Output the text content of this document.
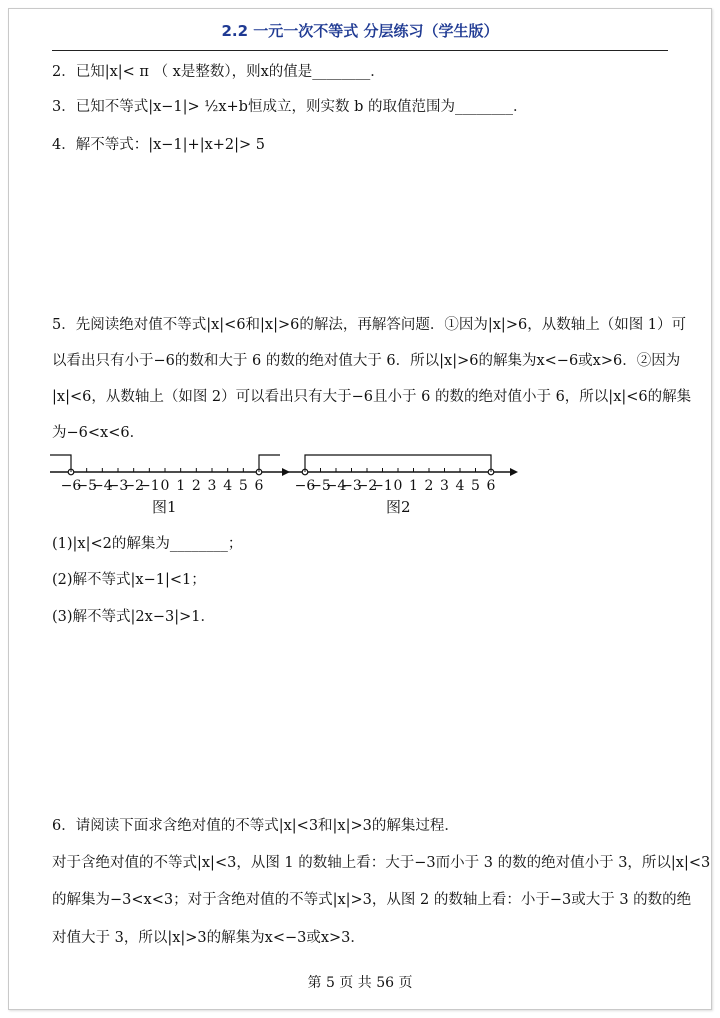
2.2 一元一次不等式 分层练习（学生版）
2．已知|x|< π （ x是整数），则x的值是________．
3．已知不等式|x−1|> ½x+b恒成立，则实数 b 的取值范围为________．
4．解不等式：|x−1|+|x+2|> 5
5．先阅读绝对值不等式|x|<6和|x|>6的解法，再解答问题．①因为|x|>6，从数轴上（如图 1）可
以看出只有小于−6的数和大于 6 的数的绝对值大于 6．所以|x|>6的解集为x<−6或x>6．②因为
|x|<6，从数轴上（如图 2）可以看出只有大于−6且小于 6 的数的绝对值小于 6，所以|x|<6的解集
为−6<x<6．
−6
−5
−4
−3
−2
−1 0 1 2 3 4 5 6
图1
−6
−5
−4
−3
−2
−1 0 1 2 3 4 5 6
图2
(1)|x|<2的解集为________；
(2)解不等式|x−1|<1；
(3)解不等式|2x−3|>1．
6．请阅读下面求含绝对值的不等式|x|<3和|x|>3的解集过程．
对于含绝对值的不等式|x|<3，从图 1 的数轴上看：大于−3而小于 3 的数的绝对值小于 3，所以|x|<3
的解集为−3<x<3；对于含绝对值的不等式|x|>3，从图 2 的数轴上看：小于−3或大于 3 的数的绝
对值大于 3，所以|x|>3的解集为x<−3或x>3．
第 5 页 共 56 页
